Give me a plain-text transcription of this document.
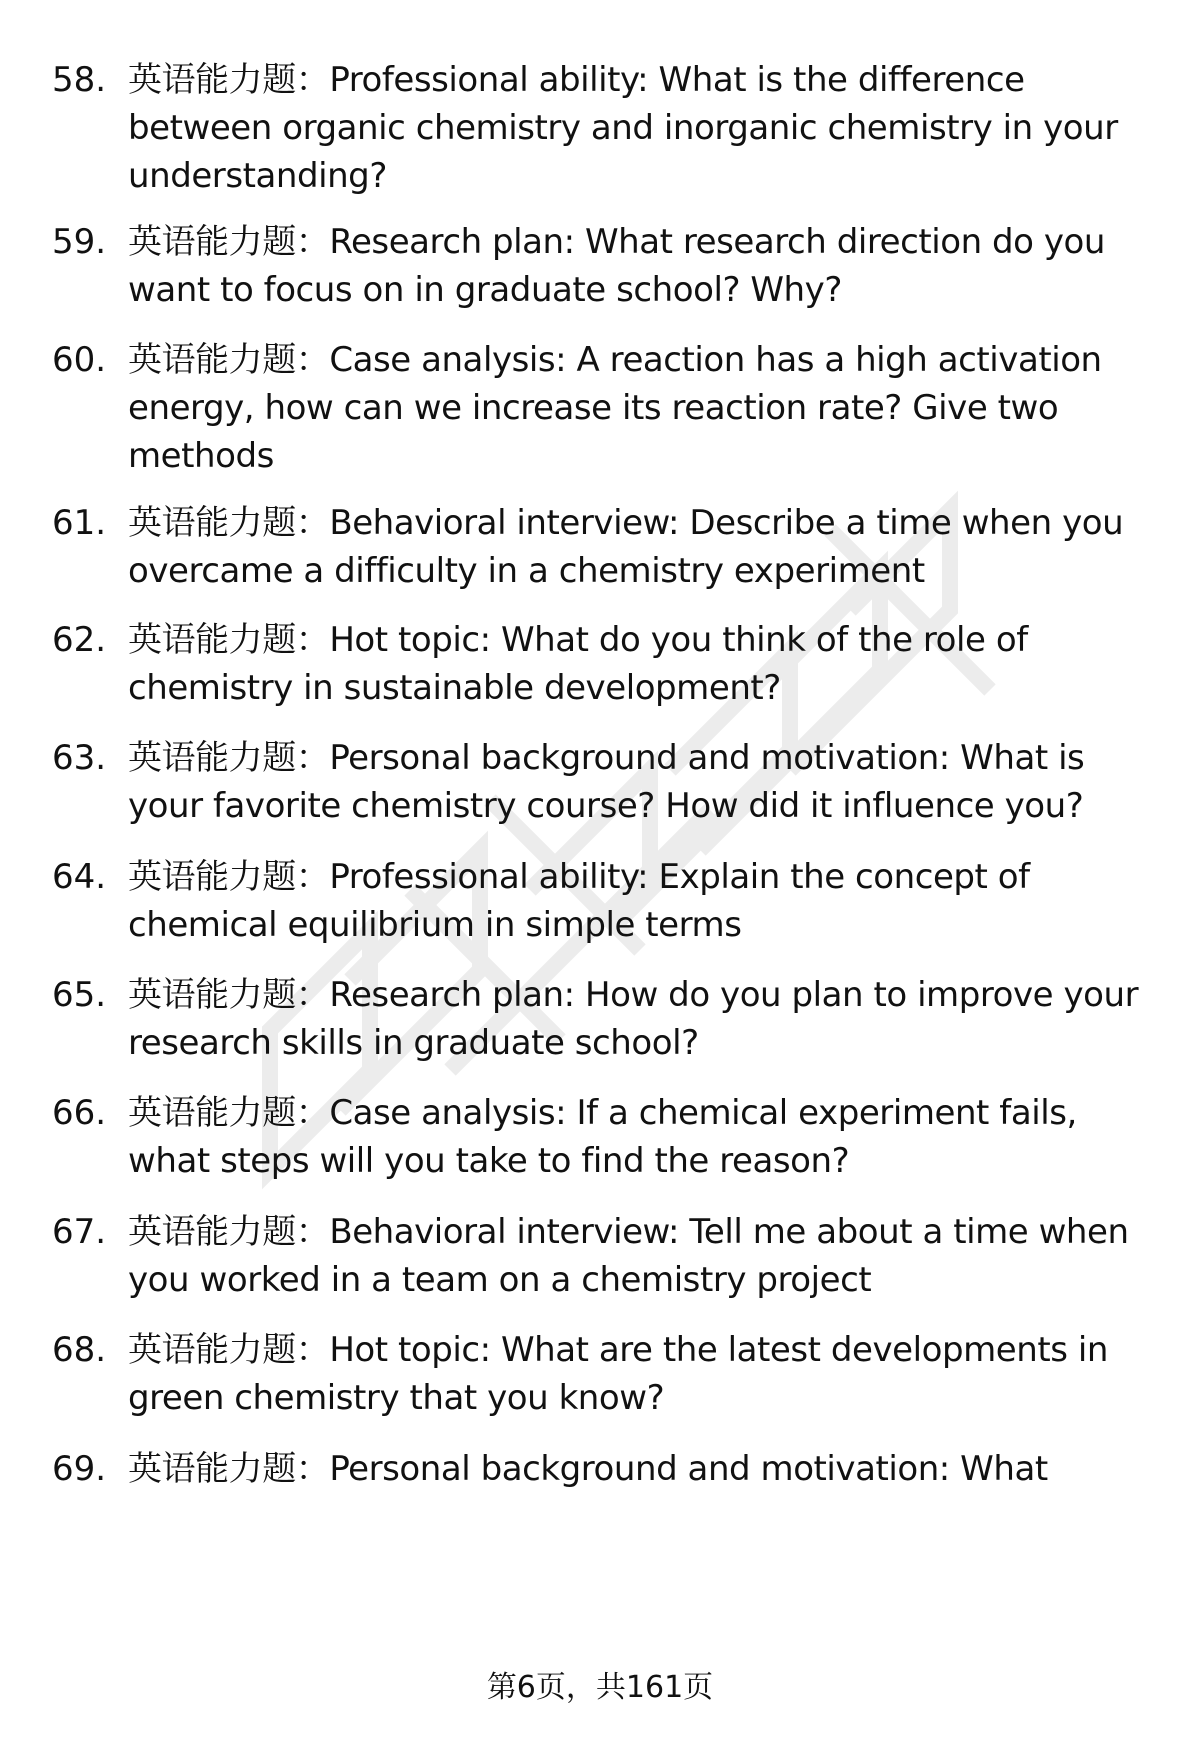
58. 英语能力题：Professional ability: What is the difference between organic chemistry and inorganic chemistry in your understanding?
59. 英语能力题：Research plan: What research direction do you want to focus on in graduate school? Why?
60. 英语能力题：Case analysis: A reaction has a high activation energy, how can we increase its reaction rate? Give two methods
61. 英语能力题：Behavioral interview: Describe a time when you overcame a difficulty in a chemistry experiment
62. 英语能力题：Hot topic: What do you think of the role of chemistry in sustainable development?
63. 英语能力题：Personal background and motivation: What is your favorite chemistry course? How did it influence you?
64. 英语能力题：Professional ability: Explain the concept of chemical equilibrium in simple terms
65. 英语能力题：Research plan: How do you plan to improve your research skills in graduate school?
66. 英语能力题：Case analysis: If a chemical experiment fails, what steps will you take to find the reason?
67. 英语能力题：Behavioral interview: Tell me about a time when you worked in a team on a chemistry project
68. 英语能力题：Hot topic: What are the latest developments in green chemistry that you know?
69. 英语能力题：Personal background and motivation: What
第6页，共161页
